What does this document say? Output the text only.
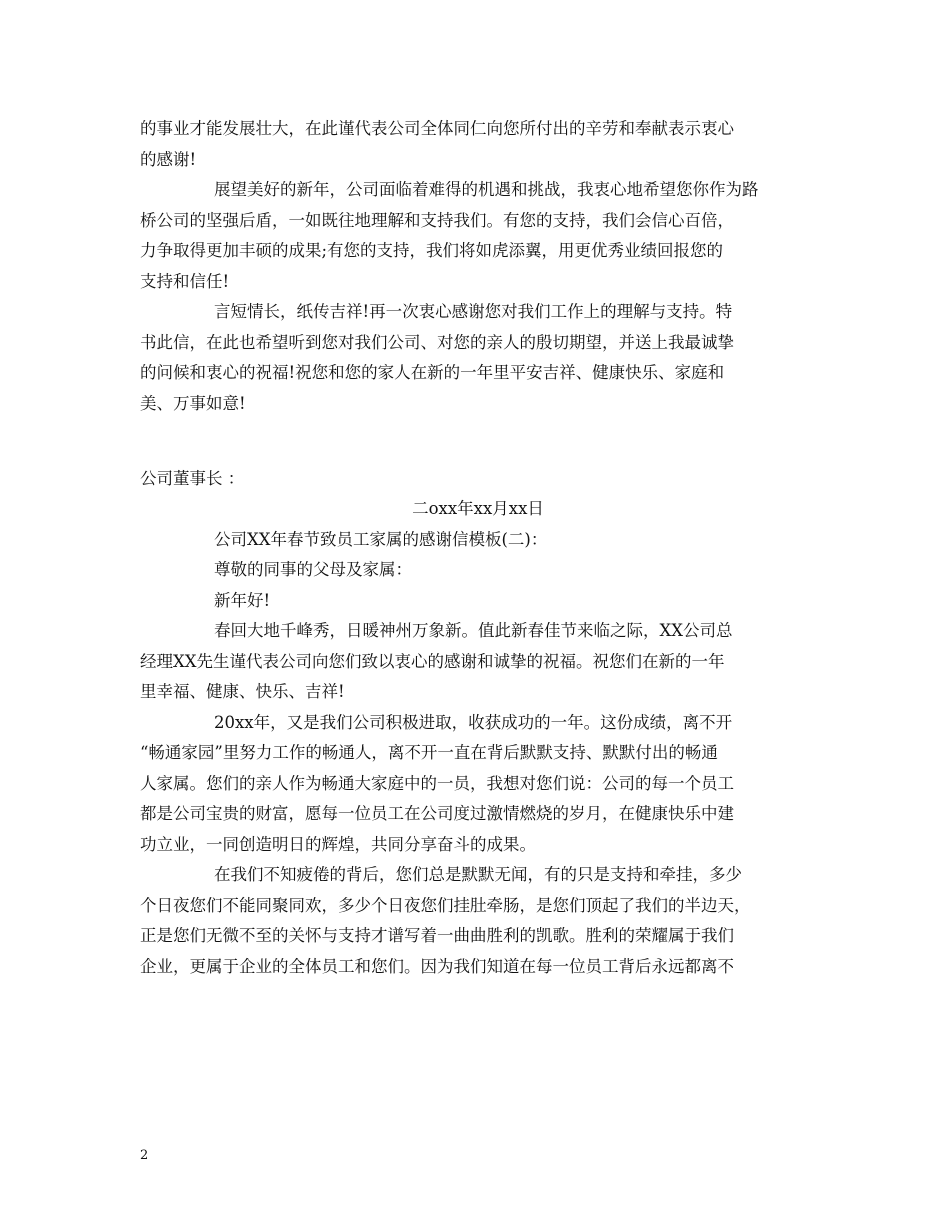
的事业才能发展壮大，在此谨代表公司全体同仁向您所付出的辛劳和奉献表示衷心
的感谢!
展望美好的新年，公司面临着难得的机遇和挑战，我衷心地希望您你作为路
桥公司的坚强后盾，一如既往地理解和支持我们。有您的支持，我们会信心百倍，
力争取得更加丰硕的成果;有您的支持，我们将如虎添翼，用更优秀业绩回报您的
支持和信任!
言短情长，纸传吉祥!再一次衷心感谢您对我们工作上的理解与支持。特
书此信，在此也希望听到您对我们公司、对您的亲人的殷切期望，并送上我最诚挚
的问候和衷心的祝福!祝您和您的家人在新的一年里平安吉祥、健康快乐、家庭和
美、万事如意!
公司董事长 ：
二oxx年xx月xx日
公司XX年春节致员工家属的感谢信模板(二)：
尊敬的同事的父母及家属：
新年好!
春回大地千峰秀，日暖神州万象新。值此新春佳节来临之际，XX公司总
经理XX先生谨代表公司向您们致以衷心的感谢和诚挚的祝福。祝您们在新的一年
里幸福、健康、快乐、吉祥!
20xx年，又是我们公司积极进取，收获成功的一年。这份成绩，离不开
“畅通家园”里努力工作的畅通人，离不开一直在背后默默支持、默默付出的畅通
人家属。您们的亲人作为畅通大家庭中的一员，我想对您们说：公司的每一个员工
都是公司宝贵的财富，愿每一位员工在公司度过激情燃烧的岁月，在健康快乐中建
功立业，一同创造明日的辉煌，共同分享奋斗的成果。
在我们不知疲倦的背后，您们总是默默无闻，有的只是支持和牵挂，多少
个日夜您们不能同聚同欢，多少个日夜您们挂肚牵肠，是您们顶起了我们的半边天，
正是您们无微不至的关怀与支持才谱写着一曲曲胜利的凯歌。胜利的荣耀属于我们
企业，更属于企业的全体员工和您们。因为我们知道在每一位员工背后永远都离不
2
